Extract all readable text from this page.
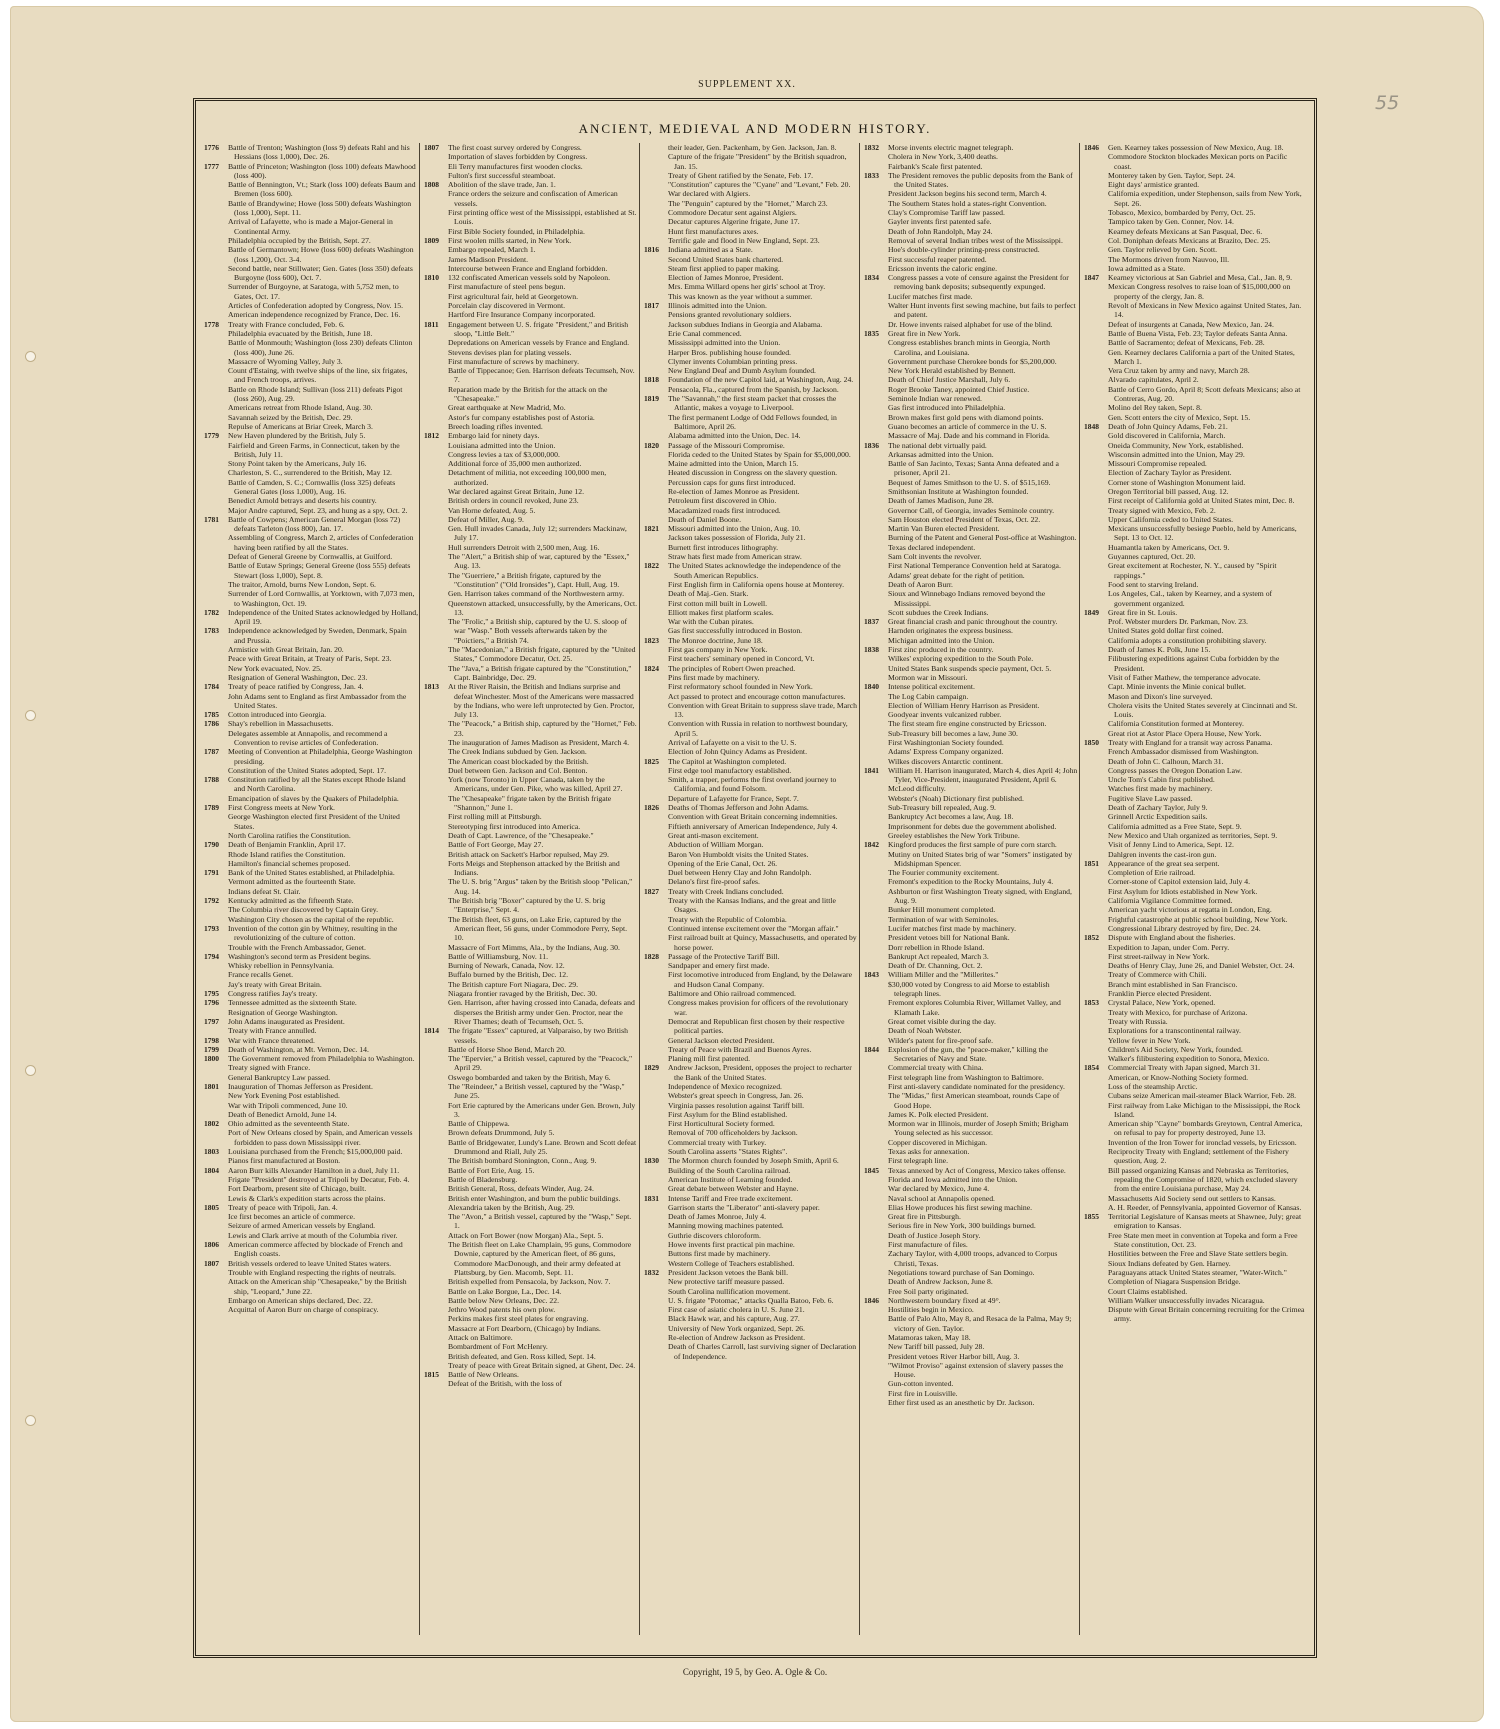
SUPPLEMENT XX.
55
ANCIENT, MEDIEVAL AND MODERN HISTORY.
1776	Battle of Trenton; Washington (loss 9) defeats Rahl and his Hessians (loss 1,000), Dec. 26.

1777	Battle of Princeton; Washington (loss 100) defeats Mawhood (loss 400).

Battle of Bennington, Vt.; Stark (loss 100) defeats Baum and Bremen (loss 600).

Battle of Brandywine; Howe (loss 500) defeats Washington (loss 1,000), Sept. 11.

Arrival of Lafayette, who is made a Major-General in Continental Army.

Philadelphia occupied by the British, Sept. 27.

Battle of Germantown; Howe (loss 600) defeats Washington (loss 1,200), Oct. 3-4.

Second battle, near Stillwater; Gen. Gates (loss 350) defeats Burgoyne (loss 600), Oct. 7.

Surrender of Burgoyne, at Saratoga, with 5,752 men, to Gates, Oct. 17.

Articles of Confederation adopted by Congress, Nov. 15.

American independence recognized by France, Dec. 16.

1778	Treaty with France concluded, Feb. 6.

Philadelphia evacuated by the British, June 18.

Battle of Monmouth; Washington (loss 230) defeats Clinton (loss 400), June 26.

Massacre of Wyoming Valley, July 3.

Count d'Estaing, with twelve ships of the line, six frigates, and French troops, arrives.

Battle on Rhode Island; Sullivan (loss 211) defeats Pigot (loss 260), Aug. 29.

Americans retreat from Rhode Island, Aug. 30.

Savannah seized by the British, Dec. 29.

Repulse of Americans at Briar Creek, March 3.

1779	New Haven plundered by the British, July 5.

Fairfield and Green Farms, in Connecticut, taken by the British, July 11.

Stony Point taken by the Americans, July 16.

Charleston, S. C., surrendered to the British, May 12.

Battle of Camden, S. C.; Cornwallis (loss 325) defeats General Gates (loss 1,000), Aug. 16.

Benedict Arnold betrays and deserts his country.

Major Andre captured, Sept. 23, and hung as a spy, Oct. 2.

1781	Battle of Cowpens; American General Morgan (loss 72) defeats Tarleton (loss 800), Jan. 17.

Assembling of Congress, March 2, articles of Confederation having been ratified by all the States.

Defeat of General Greene by Cornwallis, at Guilford.

Battle of Eutaw Springs; General Greene (loss 555) defeats Stewart (loss 1,000), Sept. 8.

The traitor, Arnold, burns New London, Sept. 6.

Surrender of Lord Cornwallis, at Yorktown, with 7,073 men, to Washington, Oct. 19.

1782	Independence of the United States acknowledged by Holland, April 19.

1783	Independence acknowledged by Sweden, Denmark, Spain and Prussia.

Armistice with Great Britain, Jan. 20.

Peace with Great Britain, at Treaty of Paris, Sept. 23.

New York evacuated, Nov. 25.

Resignation of General Washington, Dec. 23.

1784	Treaty of peace ratified by Congress, Jan. 4.

John Adams sent to England as first Ambassador from the United States.

1785	Cotton introduced into Georgia.

1786	Shay's rebellion in Massachusetts.

Delegates assemble at Annapolis, and recommend a Convention to revise articles of Confederation.

1787	Meeting of Convention at Philadelphia, George Washington presiding.

Constitution of the United States adopted, Sept. 17.

1788	Constitution ratified by all the States except Rhode Island and North Carolina.

Emancipation of slaves by the Quakers of Philadelphia.

1789	First Congress meets at New York.

George Washington elected first President of the United States.

North Carolina ratifies the Constitution.

1790	Death of Benjamin Franklin, April 17.

Rhode Island ratifies the Constitution.

Hamilton's financial schemes proposed.

1791	Bank of the United States established, at Philadelphia.

Vermont admitted as the fourteenth State.

Indians defeat St. Clair.

1792	Kentucky admitted as the fifteenth State.

The Columbia river discovered by Captain Grey.

Washington City chosen as the capital of the republic.

1793	Invention of the cotton gin by Whitney, resulting in the revolutionizing of the culture of cotton.

Trouble with the French Ambassador, Genet.

1794	Washington's second term as President begins.

Whisky rebellion in Pennsylvania.

France recalls Genet.

Jay's treaty with Great Britain.

1795	Congress ratifies Jay's treaty.

1796	Tennessee admitted as the sixteenth State.

Resignation of George Washington.

1797	John Adams inaugurated as President.

Treaty with France annulled.

1798	War with France threatened.

1799	Death of Washington, at Mt. Vernon, Dec. 14.

1800	The Government removed from Philadelphia to Washington.

Treaty signed with France.

General Bankruptcy Law passed.

1801	Inauguration of Thomas Jefferson as President.

New York Evening Post established.

War with Tripoli commenced, June 10.

Death of Benedict Arnold, June 14.

1802	Ohio admitted as the seventeenth State.

Port of New Orleans closed by Spain, and American vessels forbidden to pass down Mississippi river.

1803	Louisiana purchased from the French; $15,000,000 paid.

Pianos first manufactured at Boston.

1804	Aaron Burr kills Alexander Hamilton in a duel, July 11.

Frigate "President" destroyed at Tripoli by Decatur, Feb. 4.

Fort Dearborn, present site of Chicago, built.

Lewis & Clark's expedition starts across the plains.

1805	Treaty of peace with Tripoli, Jan. 4.

Ice first becomes an article of commerce.

Seizure of armed American vessels by England.

Lewis and Clark arrive at mouth of the Columbia river.

1806	American commerce affected by blockade of French and English coasts.

1807	British vessels ordered to leave United States waters.

Trouble with England respecting the rights of neutrals.

Attack on the American ship "Chesapeake," by the British ship, "Leopard," June 22.

Embargo on American ships declared, Dec. 22.

Acquittal of Aaron Burr on charge of conspiracy.

1807	The first coast survey ordered by Congress.

Importation of slaves forbidden by Congress.

Eli Terry manufactures first wooden clocks.

Fulton's first successful steamboat.

1808	Abolition of the slave trade, Jan. 1.

France orders the seizure and confiscation of American vessels.

First printing office west of the Mississippi, established at St. Louis.

First Bible Society founded, in Philadelphia.

1809	First woolen mills started, in New York.

Embargo repealed, March 1.

James Madison President.

Intercourse between France and England forbidden.

1810	132 confiscated American vessels sold by Napoleon.

First manufacture of steel pens begun.

First agricultural fair, held at Georgetown.

Porcelain clay discovered in Vermont.

Hartford Fire Insurance Company incorporated.

1811	Engagement between U. S. frigate "President," and British sloop, "Little Belt."

Depredations on American vessels by France and England.

Stevens devises plan for plating vessels.

First manufacture of screws by machinery.

Battle of Tippecanoe; Gen. Harrison defeats Tecumseh, Nov. 7.

Reparation made by the British for the attack on the "Chesapeake."

Great earthquake at New Madrid, Mo.

Astor's fur company establishes post of Astoria.

Breech loading rifles invented.

1812	Embargo laid for ninety days.

Louisiana admitted into the Union.

Congress levies a tax of $3,000,000.

Additional force of 35,000 men authorized.

Detachment of militia, not exceeding 100,000 men, authorized.

War declared against Great Britain, June 12.

British orders in council revoked, June 23.

Van Horne defeated, Aug. 5.

Defeat of Miller, Aug. 9.

Gen. Hull invades Canada, July 12; surrenders Mackinaw, July 17.

Hull surrenders Detroit with 2,500 men, Aug. 16.

The "Alert," a British ship of war, captured by the "Essex," Aug. 13.

The "Guerriere," a British frigate, captured by the "Constitution" ("Old Ironsides"), Capt. Hull, Aug. 19.

Gen. Harrison takes command of the Northwestern army.

Queenstown attacked, unsuccessfully, by the Americans, Oct. 13.

The "Frolic," a British ship, captured by the U. S. sloop of war "Wasp." Both vessels afterwards taken by the "Poictiers," a British 74.

The "Macedonian," a British frigate, captured by the "United States," Commodore Decatur, Oct. 25.

The "Java," a British frigate captured by the "Constitution," Capt. Bainbridge, Dec. 29.

1813	At the River Raisin, the British and Indians surprise and defeat Winchester. Most of the Americans were massacred by the Indians, who were left unprotected by Gen. Proctor, July 13.

The "Peacock," a British ship, captured by the "Hornet," Feb. 23.

The inauguration of James Madison as President, March 4.

The Creek Indians subdued by Gen. Jackson.

The American coast blockaded by the British.

Duel between Gen. Jackson and Col. Benton.

York (now Toronto) in Upper Canada, taken by the Americans, under Gen. Pike, who was killed, April 27.

The "Chesapeake" frigate taken by the British frigate "Shannon," June 1.

First rolling mill at Pittsburgh.

Stereotyping first introduced into America.

Death of Capt. Lawrence, of the "Chesapeake."

Battle of Fort George, May 27.

British attack on Sackett's Harbor repulsed, May 29.

Forts Meigs and Stephenson attacked by the British and Indians.

The U. S. brig "Argus" taken by the British sloop "Pelican," Aug. 14.

The British brig "Boxer" captured by the U. S. brig "Enterprise," Sept. 4.

The British fleet, 63 guns, on Lake Erie, captured by the American fleet, 56 guns, under Commodore Perry, Sept. 10.

Massacre of Fort Mimms, Ala., by the Indians, Aug. 30.

Battle of Williamsburg, Nov. 11.

Burning of Newark, Canada, Nov. 12.

Buffalo burned by the British, Dec. 12.

The British capture Fort Niagara, Dec. 29.

Niagara frontier ravaged by the British, Dec. 30.

Gen. Harrison, after having crossed into Canada, defeats and disperses the British army under Gen. Proctor, near the River Thames; death of Tecumseh, Oct. 5.

1814	The frigate "Essex" captured, at Valparaiso, by two British vessels.

Battle of Horse Shoe Bend, March 20.

The "Epervier," a British vessel, captured by the "Peacock," April 29.

Oswego bombarded and taken by the British, May 6.

The "Reindeer," a British vessel, captured by the "Wasp," June 25.

Fort Erie captured by the Americans under Gen. Brown, July 3.

Battle of Chippewa.

Brown defeats Drummond, July 5.

Battle of Bridgewater, Lundy's Lane. Brown and Scott defeat Drummond and Riall, July 25.

The British bombard Stonington, Conn., Aug. 9.

Battle of Fort Erie, Aug. 15.

Battle of Bladensburg.

British General, Ross, defeats Winder, Aug. 24.

British enter Washington, and burn the public buildings.

Alexandria taken by the British, Aug. 29.

The "Avon," a British vessel, captured by the "Wasp," Sept. 1.

Attack on Fort Bower (now Morgan) Ala., Sept. 5.

The British fleet on Lake Champlain, 95 guns, Commodore Downie, captured by the American fleet, of 86 guns, Commodore MacDonough, and their army defeated at Plattsburg, by Gen. Macomb, Sept. 11.

British expelled from Pensacola, by Jackson, Nov. 7.

Battle on Lake Borgue, La., Dec. 14.

Battle below New Orleans, Dec. 22.

Jethro Wood patents his own plow.

Perkins makes first steel plates for engraving.

Massacre at Fort Dearborn, (Chicago) by Indians.

Attack on Baltimore.

Bombardment of Fort McHenry.

British defeated, and Gen. Ross killed, Sept. 14.

Treaty of peace with Great Britain signed, at Ghent, Dec. 24.

1815	Battle of New Orleans.

Defeat of the British, with the loss of

their leader, Gen. Packenham, by Gen. Jackson, Jan. 8.

Capture of the frigate "President" by the British squadron, Jan. 15.

Treaty of Ghent ratified by the Senate, Feb. 17.

"Constitution" captures the "Cyane" and "Levant," Feb. 20.

War declared with Algiers.

The "Penguin" captured by the "Hornet," March 23.

Commodore Decatur sent against Algiers.

Decatur captures Algerine frigate, June 17.

Hunt first manufactures axes.

Terrific gale and flood in New England, Sept. 23.

1816	Indiana admitted as a State.

Second United States bank chartered.

Steam first applied to paper making.

Election of James Monroe, President.

Mrs. Emma Willard opens her girls' school at Troy.

This was known as the year without a summer.

1817	Illinois admitted into the Union.

Pensions granted revolutionary soldiers.

Jackson subdues Indians in Georgia and Alabama.

Erie Canal commenced.

Mississippi admitted into the Union.

Harper Bros. publishing house founded.

Clymer invents Columbian printing press.

New England Deaf and Dumb Asylum founded.

1818	Foundation of the new Capitol laid, at Washington, Aug. 24.

Pensacola, Fla., captured from the Spanish, by Jackson.

1819	The "Savannah," the first steam packet that crosses the Atlantic, makes a voyage to Liverpool.

The first permanent Lodge of Odd Fellows founded, in Baltimore, April 26.

Alabama admitted into the Union, Dec. 14.

1820	Passage of the Missouri Compromise.

Florida ceded to the United States by Spain for $5,000,000.

Maine admitted into the Union, March 15.

Heated discussion in Congress on the slavery question.

Percussion caps for guns first introduced.

Re-election of James Monroe as President.

Petroleum first discovered in Ohio.

Macadamized roads first introduced.

Death of Daniel Boone.

1821	Missouri admitted into the Union, Aug. 10.

Jackson takes possession of Florida, July 21.

Burnett first introduces lithography.

Straw hats first made from American straw.

1822	The United States acknowledge the independence of the South American Republics.

First English firm in California opens house at Monterey.

Death of Maj.-Gen. Stark.

First cotton mill built in Lowell.

Elliott makes first platform scales.

War with the Cuban pirates.

Gas first successfully introduced in Boston.

1823	The Monroe doctrine, June 18.

First gas company in New York.

First teachers' seminary opened in Concord, Vt.

1824	The principles of Robert Owen preached.

Pins first made by machinery.

First reformatory school founded in New York.

Act passed to protect and encourage cotton manufactures.

Convention with Great Britain to suppress slave trade, March 13.

Convention with Russia in relation to northwest boundary, April 5.

Arrival of Lafayette on a visit to the U. S.

Election of John Quincy Adams as President.

1825	The Capitol at Washington completed.

First edge tool manufactory established.

Smith, a trapper, performs the first overland journey to California, and found Folsom.

Departure of Lafayette for France, Sept. 7.

1826	Deaths of Thomas Jefferson and John Adams.

Convention with Great Britain concerning indemnities.

Fiftieth anniversary of American Independence, July 4.

Great anti-mason excitement.

Abduction of William Morgan.

Baron Von Humboldt visits the United States.

Opening of the Erie Canal, Oct. 26.

Duel between Henry Clay and John Randolph.

Delano's first fire-proof safes.

1827	Treaty with Creek Indians concluded.

Treaty with the Kansas Indians, and the great and little Osages.

Treaty with the Republic of Colombia.

Continued intense excitement over the "Morgan affair."

First railroad built at Quincy, Massachusetts, and operated by horse power.

1828	Passage of the Protective Tariff Bill.

Sandpaper and emery first made.

First locomotive introduced from England, by the Delaware and Hudson Canal Company.

Baltimore and Ohio railroad commenced.

Congress makes provision for officers of the revolutionary war.

Democrat and Republican first chosen by their respective political parties.

General Jackson elected President.

Treaty of Peace with Brazil and Buenos Ayres.

Planing mill first patented.

1829	Andrew Jackson, President, opposes the project to recharter the Bank of the United States.

Independence of Mexico recognized.

Webster's great speech in Congress, Jan. 26.

Virginia passes resolution against Tariff bill.

First Asylum for the Blind established.

First Horticultural Society formed.

Removal of 700 officeholders by Jackson.

Commercial treaty with Turkey.

South Carolina asserts "States Rights".

1830	The Mormon church founded by Joseph Smith, April 6.

Building of the South Carolina railroad.

American Institute of Learning founded.

Great debate between Webster and Hayne.

1831	Intense Tariff and Free trade excitement.

Garrison starts the "Liberator" anti-slavery paper.

Death of James Monroe, July 4.

Manning mowing machines patented.

Guthrie discovers chloroform.

Howe invents first practical pin machine.

Buttons first made by machinery.

Western College of Teachers established.

1832	President Jackson vetoes the Bank bill.

New protective tariff measure passed.

South Carolina nullification movement.

U. S. frigate "Potomac," attacks Qualla Batoo, Feb. 6.

First case of asiatic cholera in U. S. June 21.

Black Hawk war, and his capture, Aug. 27.

University of New York organized, Sept. 26.

Re-election of Andrew Jackson as President.

Death of Charles Carroll, last surviving signer of Declaration of Independence.

1832	Morse invents electric magnet telegraph.

Cholera in New York, 3,400 deaths.

Fairbank's Scale first patented.

1833	The President removes the public deposits from the Bank of the United States.

President Jackson begins his second term, March 4.

The Southern States hold a states-right Convention.

Clay's Compromise Tariff law passed.

Gayler invents first patented safe.

Death of John Randolph, May 24.

Removal of several Indian tribes west of the Mississippi.

Hoe's double-cylinder printing-press constructed.

First successful reaper patented.

Ericsson invents the caloric engine.

1834	Congress passes a vote of censure against the President for removing bank deposits; subsequently expunged.

Lucifer matches first made.

Walter Hunt invents first sewing machine, but fails to perfect and patent.

Dr. Howe invents raised alphabet for use of the blind.

1835	Great fire in New York.

Congress establishes branch mints in Georgia, North Carolina, and Louisiana.

Government purchase Cherokee bonds for $5,200,000.

New York Herald established by Bennett.

Death of Chief Justice Marshall, July 6.

Roger Brooke Taney, appointed Chief Justice.

Seminole Indian war renewed.

Gas first introduced into Philadelphia.

Brown makes first gold pens with diamond points.

Guano becomes an article of commerce in the U. S.

Massacre of Maj. Dade and his command in Florida.

1836	The national debt virtually paid.

Arkansas admitted into the Union.

Battle of San Jacinto, Texas; Santa Anna defeated and a prisoner, April 21.

Bequest of James Smithson to the U. S. of $515,169.

Smithsonian Institute at Washington founded.

Death of James Madison, June 28.

Governor Call, of Georgia, invades Seminole country.

Sam Houston elected President of Texas, Oct. 22.

Martin Van Buren elected President.

Burning of the Patent and General Post-office at Washington.

Texas declared independent.

Sam Colt invents the revolver.

First National Temperance Convention held at Saratoga.

Adams' great debate for the right of petition.

Death of Aaron Burr.

Sioux and Winnebago Indians removed beyond the Mississippi.

Scott subdues the Creek Indians.

1837	Great financial crash and panic throughout the country.

Harnden originates the express business.

Michigan admitted into the Union.

1838	First zinc produced in the country.

Wilkes' exploring expedition to the South Pole.

United States Bank suspends specie payment, Oct. 5.

Mormon war in Missouri.

1840	Intense political excitement.

The Log Cabin campaign.

Election of William Henry Harrison as President.

Goodyear invents vulcanized rubber.

The first steam fire engine constructed by Ericsson.

Sub-Treasury bill becomes a law, June 30.

First Washingtonian Society founded.

Adams' Express Company organized.

Wilkes discovers Antarctic continent.

1841	William H. Harrison inaugurated, March 4, dies April 4; John Tyler, Vice-President, inaugurated President, April 6.

McLeod difficulty.

Webster's (Noah) Dictionary first published.

Sub-Treasury bill repealed, Aug. 9.

Bankruptcy Act becomes a law, Aug. 18.

Imprisonment for debts due the government abolished.

Greeley establishes the New York Tribune.

1842	Kingford produces the first sample of pure corn starch.

Mutiny on United States brig of war "Somers" instigated by Midshipman Spencer.

The Fourier community excitement.

Fremont's expedition to the Rocky Mountains, July 4.

Ashburton or first Washington Treaty signed, with England, Aug. 9.

Bunker Hill monument completed.

Termination of war with Seminoles.

Lucifer matches first made by machinery.

President vetoes bill for National Bank.

Dorr rebellion in Rhode Island.

Bankrupt Act repealed, March 3.

Death of Dr. Channing, Oct. 2.

1843	William Miller and the "Millerites."

$30,000 voted by Congress to aid Morse to establish telegraph lines.

Fremont explores Columbia River, Willamet Valley, and Klamath Lake.

Great comet visible during the day.

Death of Noah Webster.

Wilder's patent for fire-proof safe.

1844	Explosion of the gun, the "peace-maker," killing the Secretaries of Navy and State.

Commercial treaty with China.

First telegraph line from Washington to Baltimore.

First anti-slavery candidate nominated for the presidency.

The "Midas," first American steamboat, rounds Cape of Good Hope.

James K. Polk elected President.

Mormon war in Illinois, murder of Joseph Smith; Brigham Young selected as his successor.

Copper discovered in Michigan.

Texas asks for annexation.

First telegraph line.

1845	Texas annexed by Act of Congress, Mexico takes offense.

Florida and Iowa admitted into the Union.

War declared by Mexico, June 4.

Naval school at Annapolis opened.

Elias Howe produces his first sewing machine.

Great fire in Pittsburgh.

Serious fire in New York, 300 buildings burned.

Death of Justice Joseph Story.

First manufacture of files.

Zachary Taylor, with 4,000 troops, advanced to Corpus Christi, Texas.

Negotiations toward purchase of San Domingo.

Death of Andrew Jackson, June 8.

Free Soil party originated.

1846	Northwestern boundary fixed at 49°.

Hostilities begin in Mexico.

Battle of Palo Alto, May 8, and Resaca de la Palma, May 9; victory of Gen. Taylor.

Matamoras taken, May 18.

New Tariff bill passed, July 28.

President vetoes River Harbor bill, Aug. 3.

"Wilmot Proviso" against extension of slavery passes the House.

Gun-cotton invented.

First fire in Louisville.

Ether first used as an anesthetic by Dr. Jackson.

1846	Gen. Kearney takes possession of New Mexico, Aug. 18.

Commodore Stockton blockades Mexican ports on Pacific coast.

Monterey taken by Gen. Taylor, Sept. 24.

Eight days' armistice granted.

California expedition, under Stephenson, sails from New York, Sept. 26.

Tobasco, Mexico, bombarded by Perry, Oct. 25.

Tampico taken by Gen. Conner, Nov. 14.

Kearney defeats Mexicans at San Pasqual, Dec. 6.

Col. Doniphan defeats Mexicans at Brazito, Dec. 25.

Gen. Taylor relieved by Gen. Scott.

The Mormons driven from Nauvoo, Ill.

Iowa admitted as a State.

1847	Kearney victorious at San Gabriel and Mesa, Cal., Jan. 8, 9.

Mexican Congress resolves to raise loan of $15,000,000 on property of the clergy, Jan. 8.

Revolt of Mexicans in New Mexico against United States, Jan. 14.

Defeat of insurgents at Canada, New Mexico, Jan. 24.

Battle of Buena Vista, Feb. 23; Taylor defeats Santa Anna.

Battle of Sacramento; defeat of Mexicans, Feb. 28.

Gen. Kearney declares California a part of the United States, March 1.

Vera Cruz taken by army and navy, March 28.

Alvarado capitulates, April 2.

Battle of Cerro Gordo, April 8; Scott defeats Mexicans; also at Contreras, Aug. 20.

Molino del Rey taken, Sept. 8.

Gen. Scott enters the city of Mexico, Sept. 15.

1848	Death of John Quincy Adams, Feb. 21.

Gold discovered in California, March.

Oneida Community, New York, established.

Wisconsin admitted into the Union, May 29.

Missouri Compromise repealed.

Election of Zachary Taylor as President.

Corner stone of Washington Monument laid.

Oregon Territorial bill passed, Aug. 12.

First receipt of California gold at United States mint, Dec. 8.

Treaty signed with Mexico, Feb. 2.

Upper California ceded to United States.

Mexicans unsuccessfully besiege Pueblo, held by Americans, Sept. 13 to Oct. 12.

Huamantla taken by Americans, Oct. 9.

Guyannes captured, Oct. 20.

Great excitement at Rochester, N. Y., caused by "Spirit rappings."

Food sent to starving Ireland.

Los Angeles, Cal., taken by Kearney, and a system of government organized.

1849	Great fire in St. Louis.

Prof. Webster murders Dr. Parkman, Nov. 23.

United States gold dollar first coined.

California adopts a constitution prohibiting slavery.

Death of James K. Polk, June 15.

Filibustering expeditions against Cuba forbidden by the President.

Visit of Father Mathew, the temperance advocate.

Capt. Minie invents the Minie conical bullet.

Mason and Dixon's line surveyed.

Cholera visits the United States severely at Cincinnati and St. Louis.

California Constitution formed at Monterey.

Great riot at Astor Place Opera House, New York.

1850	Treaty with England for a transit way across Panama.

French Ambassador dismissed from Washington.

Death of John C. Calhoun, March 31.

Congress passes the Oregon Donation Law.

Uncle Tom's Cabin first published.

Watches first made by machinery.

Fugitive Slave Law passed.

Death of Zachary Taylor, July 9.

Grinnell Arctic Expedition sails.

California admitted as a Free State, Sept. 9.

New Mexico and Utah organized as territories, Sept. 9.

Visit of Jenny Lind to America, Sept. 12.

Dahlgren invents the cast-iron gun.

1851	Appearance of the great sea serpent.

Completion of Erie railroad.

Corner-stone of Capitol extension laid, July 4.

First Asylum for Idiots established in New York.

California Vigilance Committee formed.

American yacht victorious at regatta in London, Eng.

Frightful catastrophe at public school building, New York.

Congressional Library destroyed by fire, Dec. 24.

1852	Dispute with England about the fisheries.

Expedition to Japan, under Com. Perry.

First street-railway in New York.

Deaths of Henry Clay, June 26, and Daniel Webster, Oct. 24.

Treaty of Commerce with Chili.

Branch mint established in San Francisco.

Franklin Pierce elected President.

1853	Crystal Palace, New York, opened.

Treaty with Mexico, for purchase of Arizona.

Treaty with Russia.

Explorations for a transcontinental railway.

Yellow fever in New York.

Children's Aid Society, New York, founded.

Walker's filibustering expedition to Sonora, Mexico.

1854	Commercial Treaty with Japan signed, March 31.

American, or Know-Nothing Society formed.

Loss of the steamship Arctic.

Cubans seize American mail-steamer Black Warrior, Feb. 28.

First railway from Lake Michigan to the Mississippi, the Rock Island.

American ship "Cayne" bombards Greytown, Central America, on refusal to pay for property destroyed, June 13.

Invention of the Iron Tower for ironclad vessels, by Ericsson.

Reciprocity Treaty with England; settlement of the Fishery question, Aug. 2.

Bill passed organizing Kansas and Nebraska as Territories, repealing the Compromise of 1820, which excluded slavery from the entire Louisiana purchase, May 24.

Massachusetts Aid Society send out settlers to Kansas.

A. H. Reeder, of Pennsylvania, appointed Governor of Kansas.

1855	Territorial Legislature of Kansas meets at Shawnee, July; great emigration to Kansas.

Free State men meet in convention at Topeka and form a Free State constitution, Oct. 23.

Hostilities between the Free and Slave State settlers begin.

Sioux Indians defeated by Gen. Harney.

Paraguayans attack United States steamer, "Water-Witch."

Completion of Niagara Suspension Bridge.

Court Claims established.

William Walker unsuccessfully invades Nicaragua.

Dispute with Great Britain concerning recruiting for the Crimea army.

Copyright, 19 5, by Geo. A. Ogle & Co.
